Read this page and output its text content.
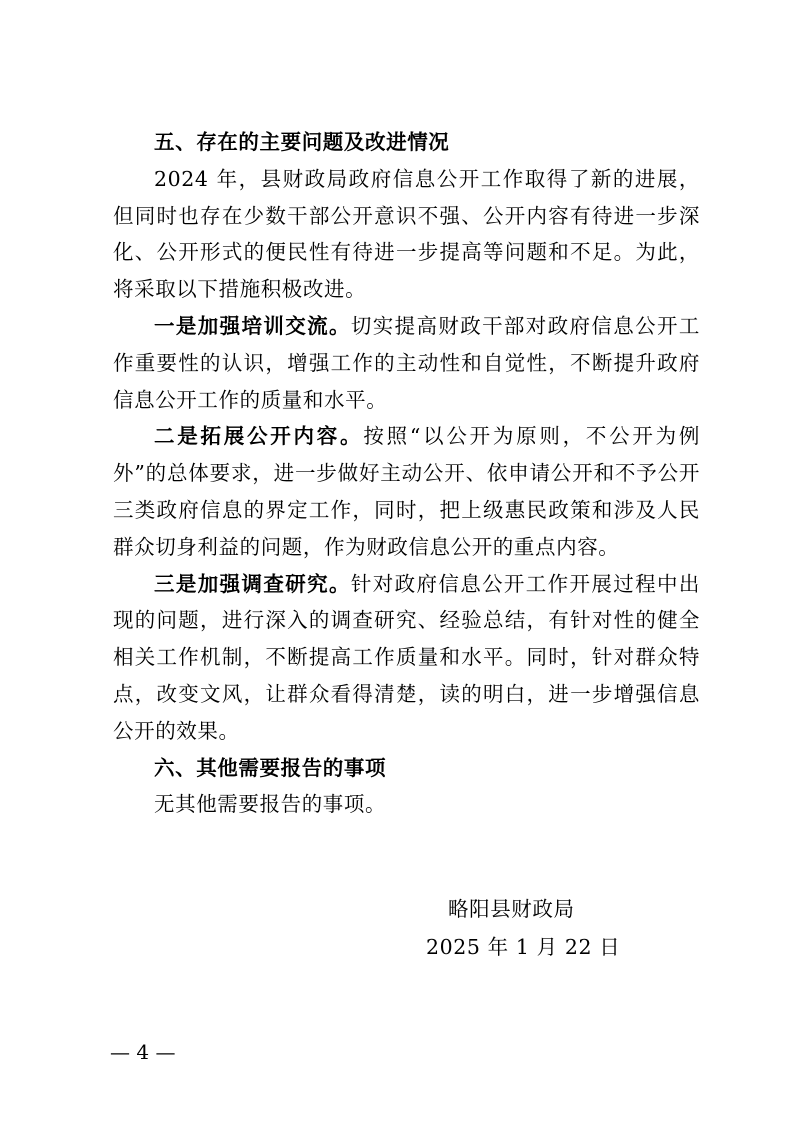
五、存在的主要问题及改进情况

2024 年，县财政局政府信息公开工作取得了新的进展，但同时也存在少数干部公开意识不强、公开内容有待进一步深化、公开形式的便民性有待进一步提高等问题和不足。为此，将采取以下措施积极改进。

一是加强培训交流。切实提高财政干部对政府信息公开工作重要性的认识，增强工作的主动性和自觉性，不断提升政府信息公开工作的质量和水平。

二是拓展公开内容。按照“以公开为原则，不公开为例外”的总体要求，进一步做好主动公开、依申请公开和不予公开三类政府信息的界定工作，同时，把上级惠民政策和涉及人民群众切身利益的问题，作为财政信息公开的重点内容。

三是加强调查研究。针对政府信息公开工作开展过程中出现的问题，进行深入的调查研究、经验总结，有针对性的健全相关工作机制，不断提高工作质量和水平。同时，针对群众特点，改变文风，让群众看得清楚，读的明白，进一步增强信息公开的效果。

六、其他需要报告的事项

无其他需要报告的事项。

略阳县财政局
2025 年 1 月 22 日
— 4 —
